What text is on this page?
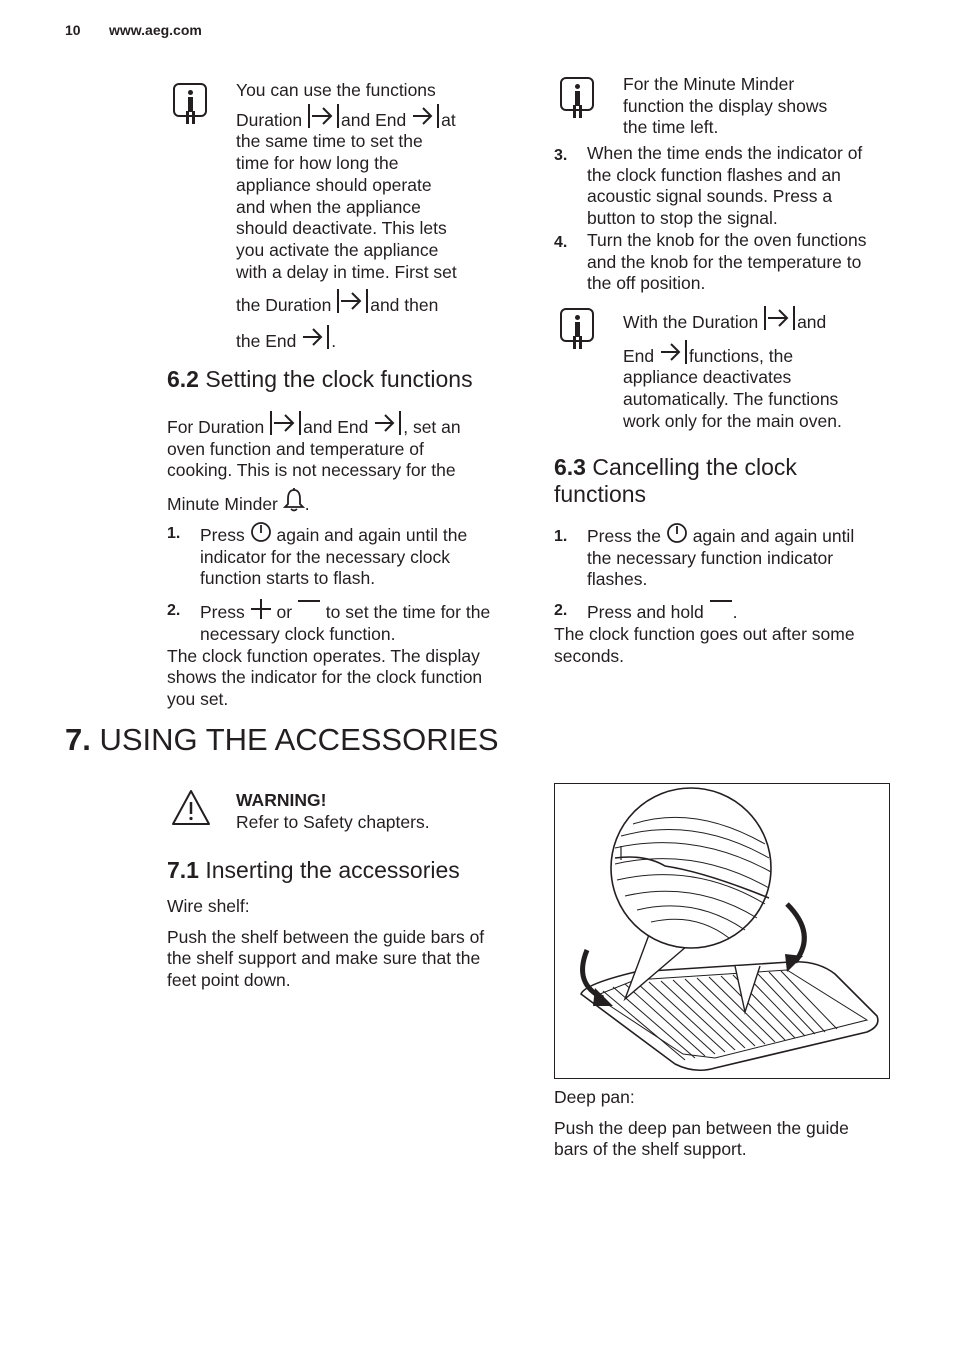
10 www.aeg.com

You can use the functions

Duration and End at

the same time to set the

time for how long the

appliance should operate

and when the appliance

should deactivate. This lets

you activate the appliance

with a delay in time. First set

the Duration and then

the End .

6.2 Setting the clock functions

For Duration and End , set an

oven function and temperature of

cooking. This is not necessary for the

Minute Minder .

1. Press again and again until the

indicator for the necessary clock

function starts to flash.

2. Press or to set the time for the

necessary clock function.

The clock function operates. The display

shows the indicator for the clock function

you set.

7. USING THE ACCESSORIES

WARNING!

Refer to Safety chapters.

7.1 Inserting the accessories

Wire shelf:

Push the shelf between the guide bars of

the shelf support and make sure that the

feet point down.

For the Minute Minder

function the display shows

the time left.

3. When the time ends the indicator of

the clock function flashes and an

acoustic signal sounds. Press a

button to stop the signal.

4. Turn the knob for the oven functions

and the knob for the temperature to

the off position.

With the Duration and

End functions, the

appliance deactivates

automatically. The functions

work only for the main oven.

6.3 Cancelling the clock

functions

1. Press the again and again until

the necessary function indicator

flashes.

2. Press and hold .

The clock function goes out after some

seconds.

Deep pan:

Push the deep pan between the guide

bars of the shelf support.
